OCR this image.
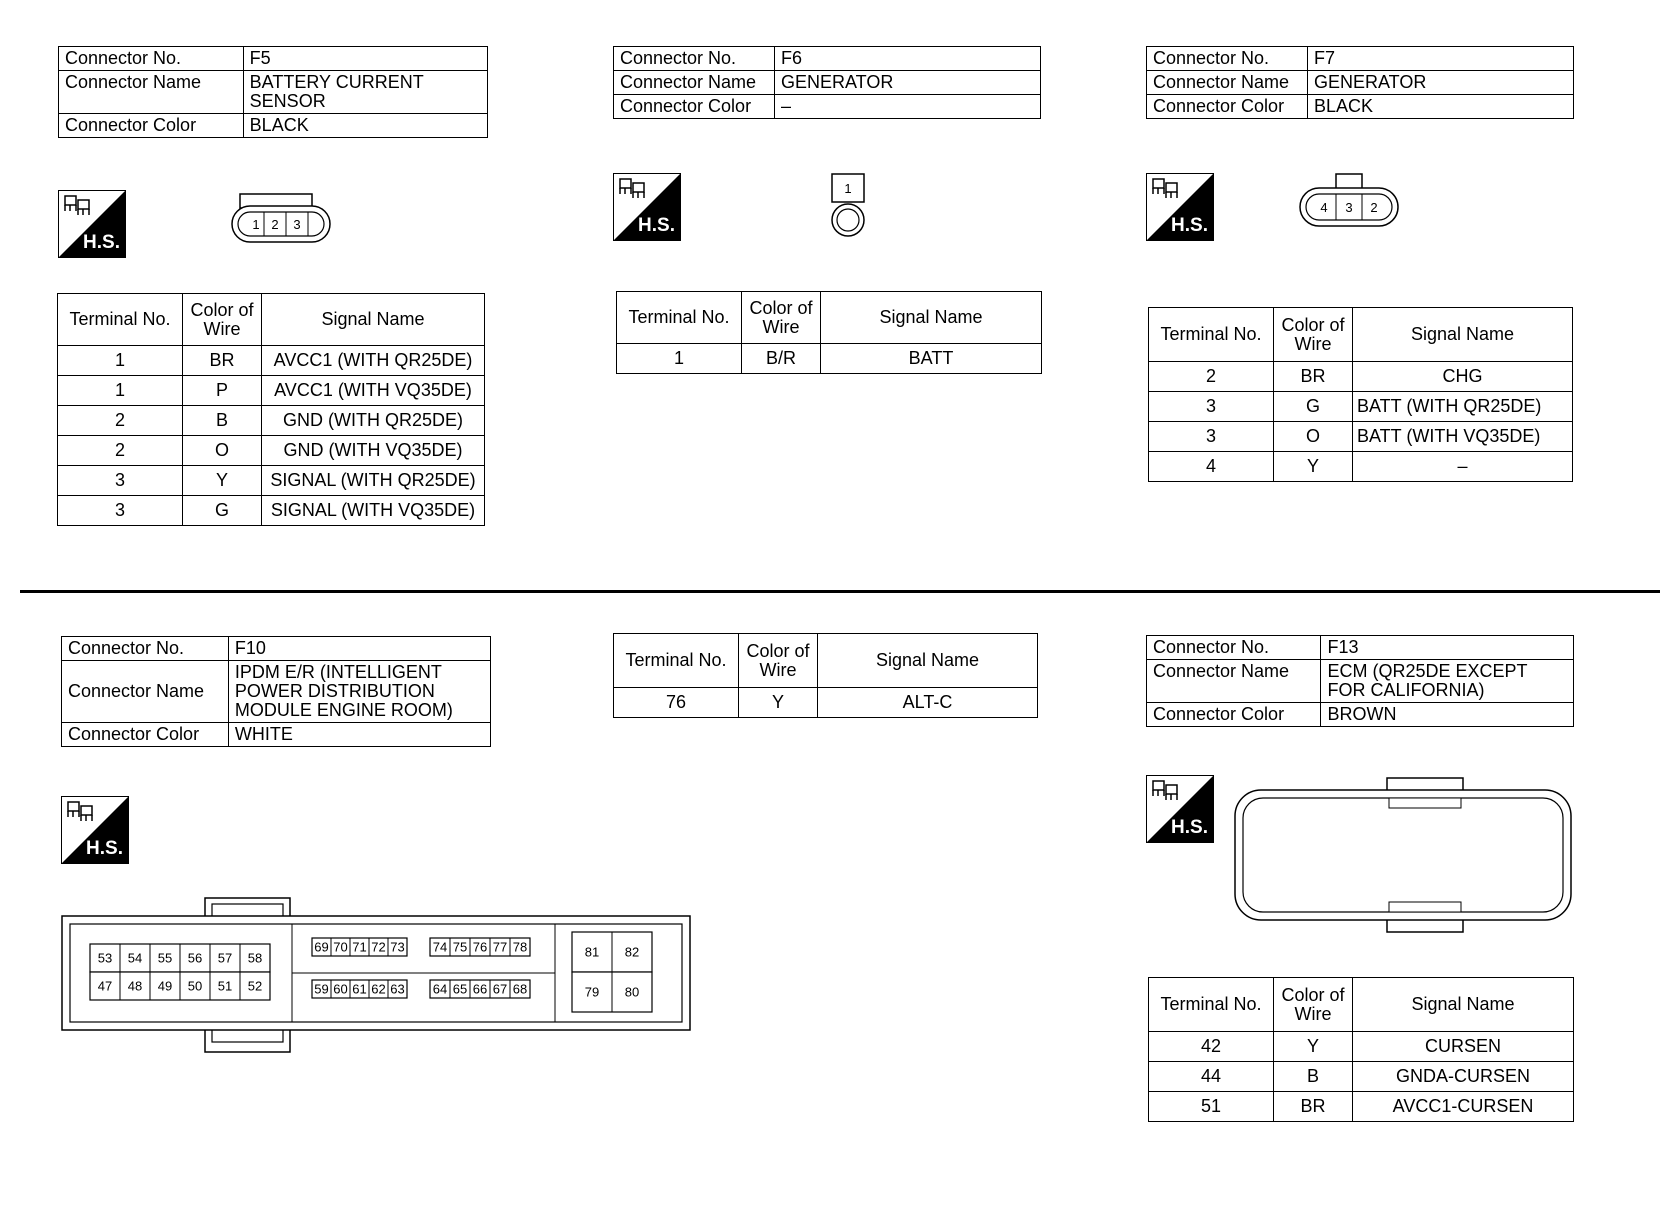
Connector No.	F5
Connector Name	BATTERY CURRENT SENSOR
Connector Color	BLACK
H.S.
1 2 3
Terminal No.	Color of Wire	Signal Name
1	BR	AVCC1 (WITH QR25DE)
1	P	AVCC1 (WITH VQ35DE)
2	B	GND (WITH QR25DE)
2	O	GND (WITH VQ35DE)
3	Y	SIGNAL (WITH QR25DE)
3	G	SIGNAL (WITH VQ35DE)
Connector No.	F6
Connector Name	GENERATOR
Connector Color	–
H.S.
1
Terminal No.	Color of Wire	Signal Name
1	B/R	BATT
Connector No.	F7
Connector Name	GENERATOR
Connector Color	BLACK
H.S.
4 3 2
Terminal No.	Color of Wire	Signal Name
2	BR	CHG
3	G	BATT (WITH QR25DE)
3	O	BATT (WITH VQ35DE)
4	Y	–
Connector No.	F10
Connector Name	IPDM E/R (INTELLIGENT POWER DISTRIBUTION MODULE ENGINE ROOM)
Connector Color	WHITE
H.S.
53 54 55 56 57 58
47 48 49 50 51 52
69 70 71 72 73
59 60 61 62 63
74 75 76 77 78
64 65 66 67 68
81 82
79 80
Terminal No.	Color of Wire	Signal Name
76	Y	ALT-C
Connector No.	F13
Connector Name	ECM (QR25DE EXCEPT FOR CALIFORNIA)
Connector Color	BROWN
H.S.
Terminal No.	Color of Wire	Signal Name
42	Y	CURSEN
44	B	GNDA-CURSEN
51	BR	AVCC1-CURSEN
